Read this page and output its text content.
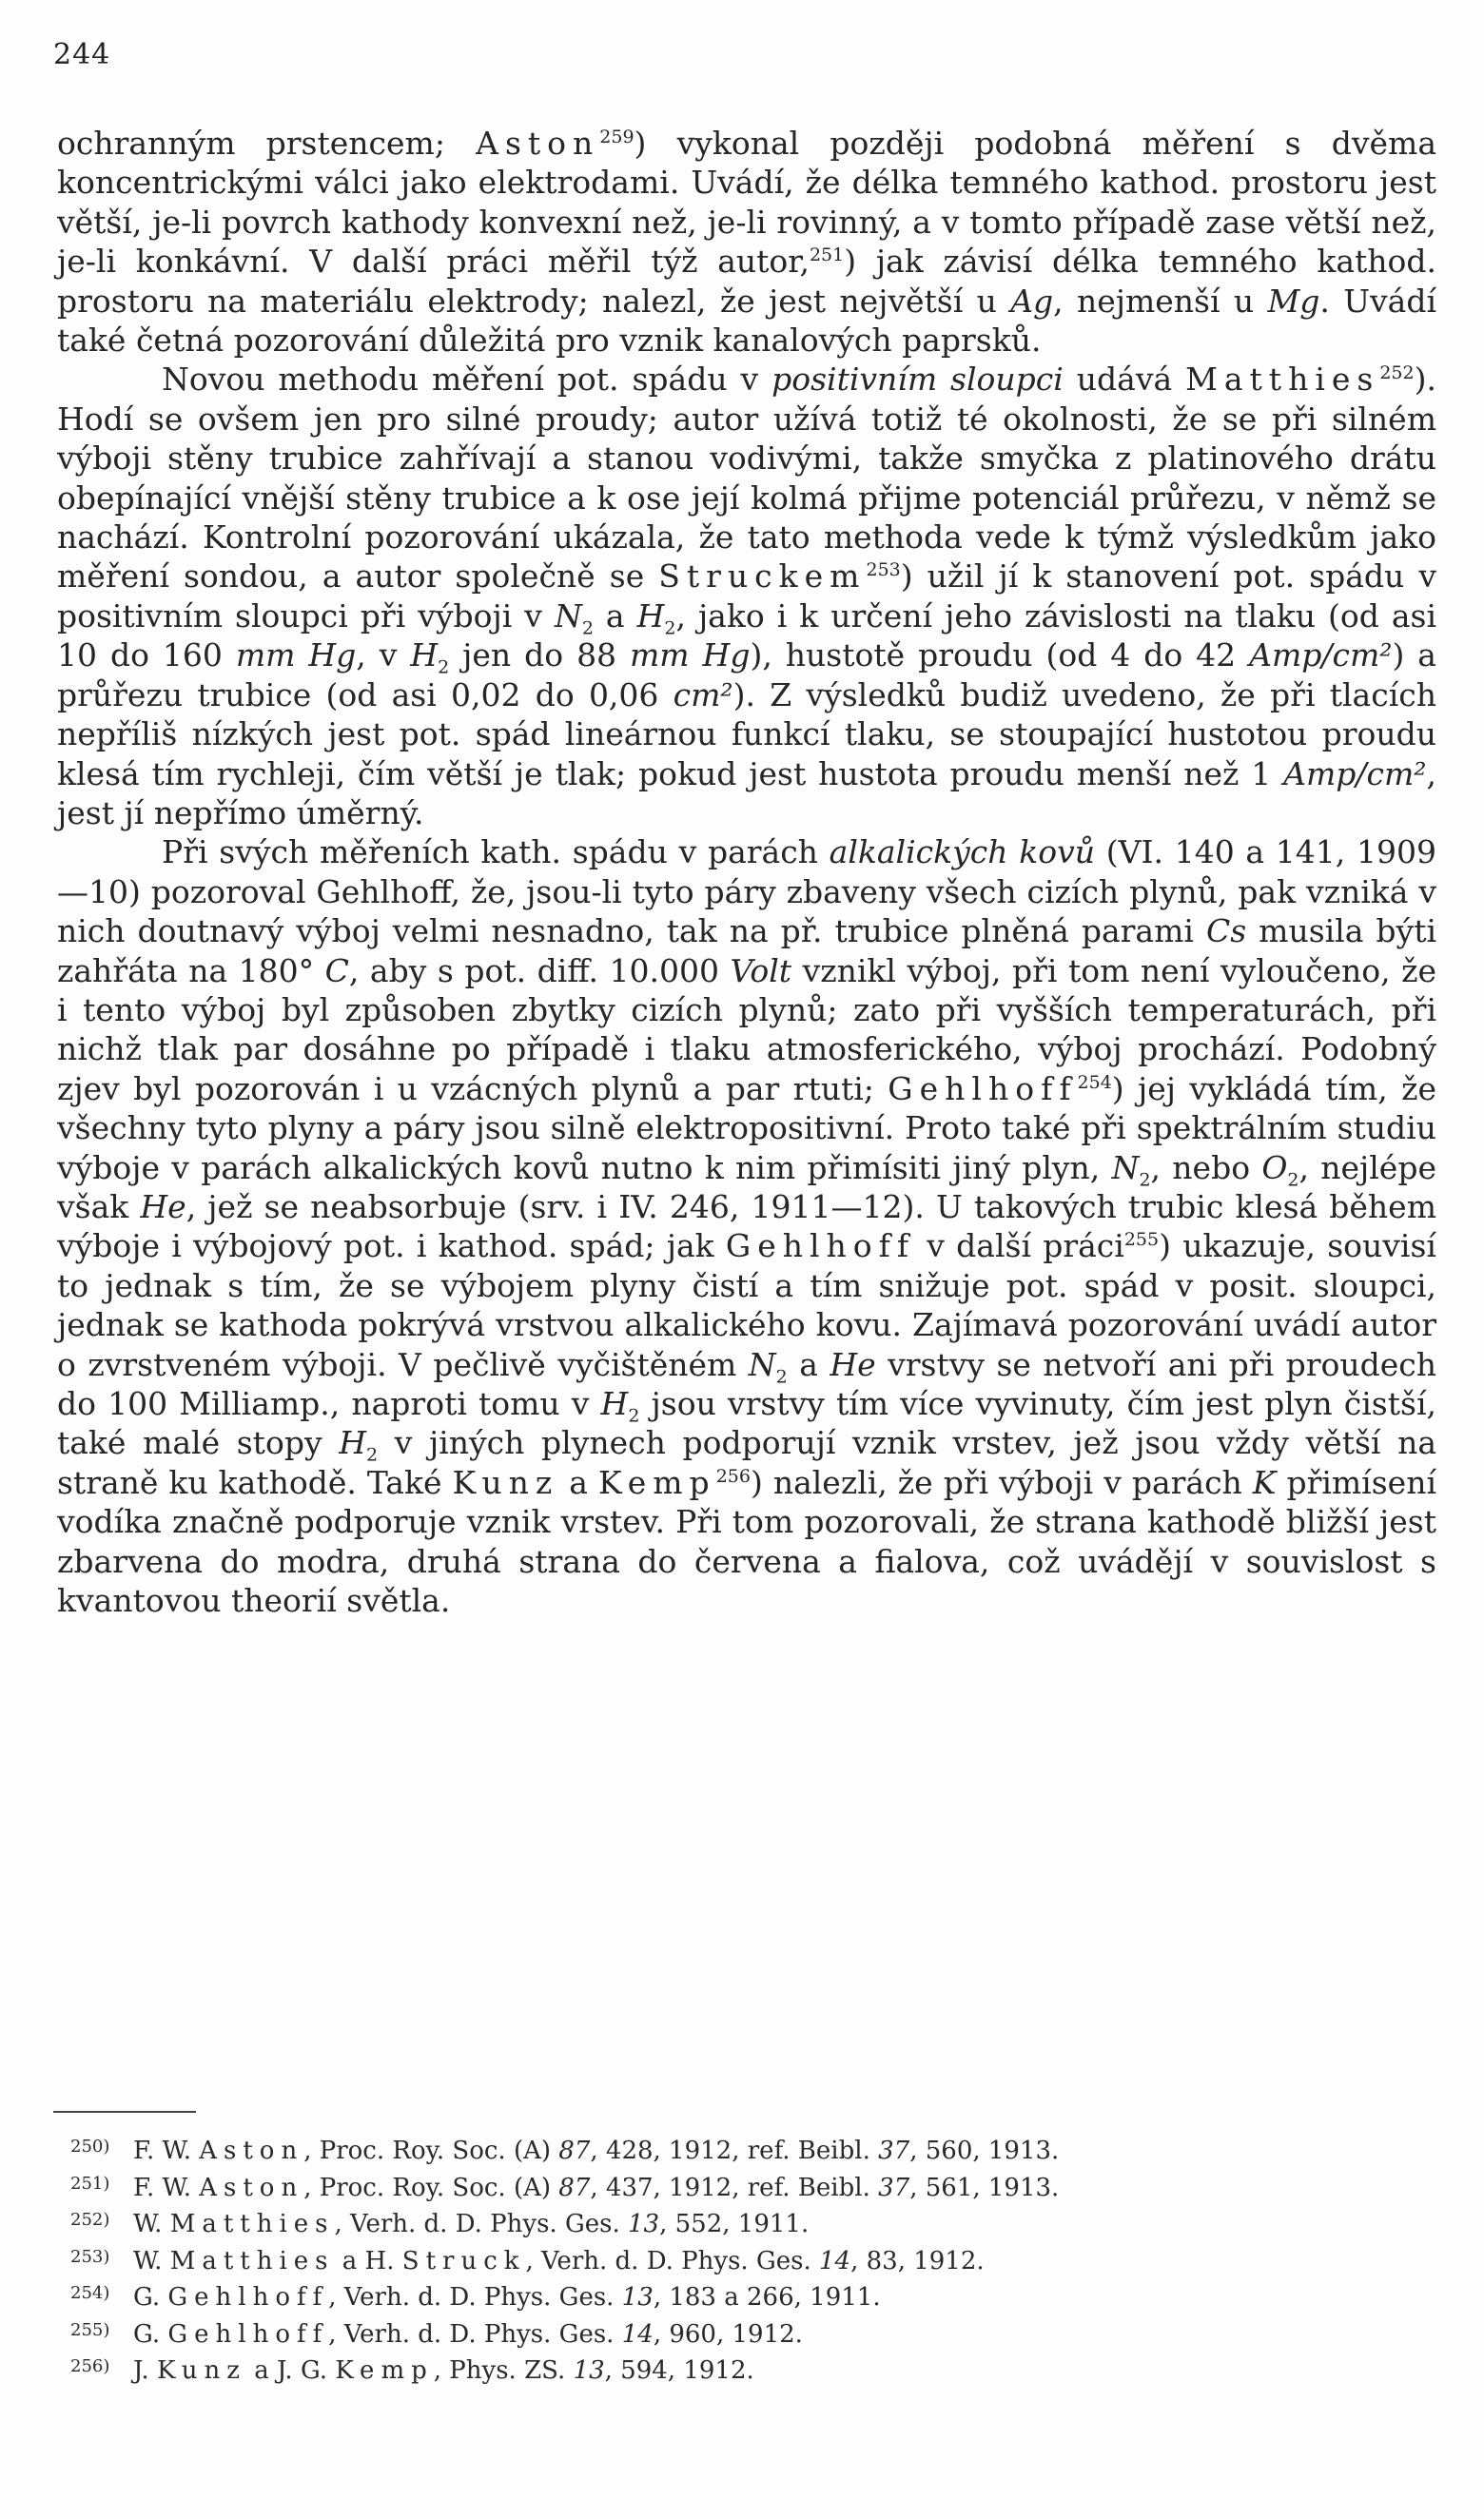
244

ochranným prstencem; Aston$^{259}$) vykonal později podobná měření s dvěma koncentrickými válci jako elektrodami. Uvádí, že délka temného kathod. prostoru jest větší, je-li povrch kathody konvexní než, je-li rovinný, a v tomto případě zase větší než, je-li konkávní. V další práci měřil týž autor,$^{251}$) jak závisí délka temného kathod. prostoru na materiálu elektrody; nalezl, že jest největší u Ag, nejmenší u Mg. Uvádí také četná pozorování důležitá pro vznik kanalových paprsků.

Novou methodu měření pot. spádu v positivním sloupci udává Matthies$^{252}$). Hodí se ovšem jen pro silné proudy; autor užívá totiž té okolnosti, že se při silném výboji stěny trubice zahřívají a stanou vodivými, takže smyčka z platinového drátu obepínající vnější stěny trubice a k ose její kolmá přijme potenciál průřezu, v němž se nachází. Kontrolní pozorování ukázala, že tato methoda vede k týmž výsledkům jako měření sondou, a autor společně se Struckem$^{253}$) užil jí k stanovení pot. spádu v positivním sloupci při výboji v $N_2$ a $H_2$, jako i k určení jeho závislosti na tlaku (od asi 10 do 160 mm Hg, v $H_2$ jen do 88 mm Hg), hustotě proudu (od 4 do 42 Amp/cm²) a průřezu trubice (od asi 0,02 do 0,06 cm²). Z výsledků budiž uvedeno, že při tlacích nepříliš nízkých jest pot. spád lineárnou funkcí tlaku, se stoupající hustotou proudu klesá tím rychleji, čím větší je tlak; pokud jest hustota proudu menší než 1 Amp/cm², jest jí nepřímo úměrný.

Při svých měřeních kath. spádu v parách alkalických kovů (VI. 140 a 141, 1909—10) pozoroval Gehlhoff, že, jsou-li tyto páry zbaveny všech cizích plynů, pak vzniká v nich doutnavý výboj velmi nesnadno, tak na př. trubice plněná parami Cs musila býti zahřáta na 180° C, aby s pot. diff. 10.000 Volt vznikl výboj, při tom není vyloučeno, že i tento výboj byl způsoben zbytky cizích plynů; zato při vyšších temperaturách, při nichž tlak par dosáhne po případě i tlaku atmosferického, výboj prochází. Podobný zjev byl pozorován i u vzácných plynů a par rtuti; Gehlhoff$^{254}$) jej vykládá tím, že všechny tyto plyny a páry jsou silně elektropositivní. Proto také při spektrálním studiu výboje v parách alkalických kovů nutno k nim přimísiti jiný plyn, $N_2$, nebo $O_2$, nejlépe však He, jež se neabsorbuje (srv. i IV. 246, 1911—12). U takových trubic klesá během výboje i výbojový pot. i kathod. spád; jak Gehlhoff v další práci$^{255}$) ukazuje, souvisí to jednak s tím, že se výbojem plyny čistí a tím snižuje pot. spád v posit. sloupci, jednak se kathoda pokrývá vrstvou alkalického kovu. Zajímavá pozorování uvádí autor o zvrstveném výboji. V pečlivě vyčištěném $N_2$ a He vrstvy se netvoří ani při proudech do 100 Milliamp., naproti tomu v $H_2$ jsou vrstvy tím více vyvinuty, čím jest plyn čistší, také malé stopy $H_2$ v jiných plynech podporují vznik vrstev, jež jsou vždy větší na straně ku kathodě. Také Kunz a Kemp$^{256}$) nalezli, že při výboji v parách K přimísení vodíka značně podporuje vznik vrstev. Při tom pozorovali, že strana kathodě bližší jest zbarvena do modra, druhá strana do červena a fialova, což uvádějí v souvislost s kvantovou theorií světla.

250) F. W. Aston, Proc. Roy. Soc. (A) 87, 428, 1912, ref. Beibl. 37, 560, 1913.
251) F. W. Aston, Proc. Roy. Soc. (A) 87, 437, 1912, ref. Beibl. 37, 561, 1913.
252) W. Matthies, Verh. d. D. Phys. Ges. 13, 552, 1911.
253) W. Matthies a H. Struck, Verh. d. D. Phys. Ges. 14, 83, 1912.
254) G. Gehlhoff, Verh. d. D. Phys. Ges. 13, 183 a 266, 1911.
255) G. Gehlhoff, Verh. d. D. Phys. Ges. 14, 960, 1912.
256) J. Kunz a J. G. Kemp, Phys. ZS. 13, 594, 1912.
